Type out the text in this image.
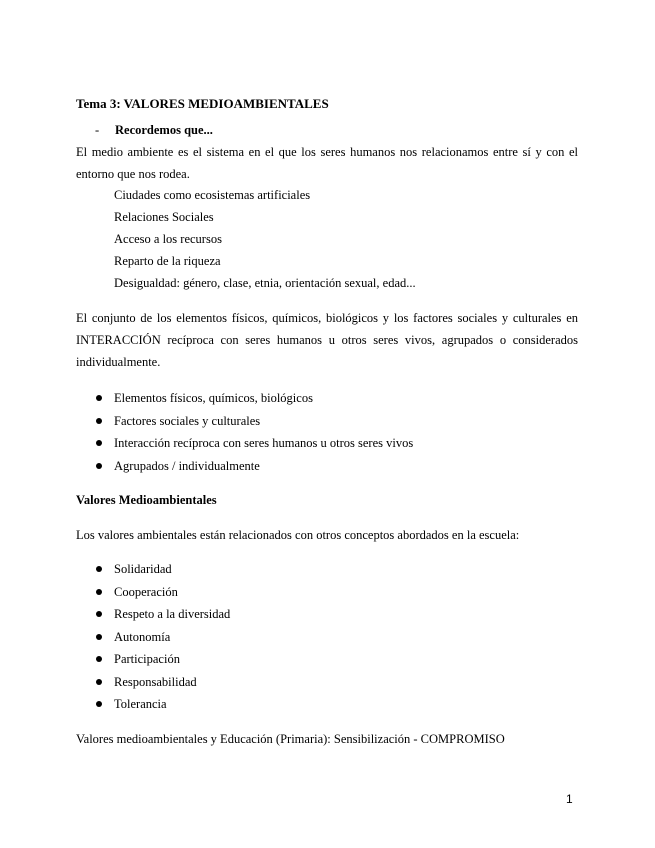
Tema 3: VALORES MEDIOAMBIENTALES

- Recordemos que...

El medio ambiente es el sistema en el que los seres humanos nos relacionamos entre sí y con el entorno que nos rodea.

Ciudades como ecosistemas artificiales
Relaciones Sociales
Acceso a los recursos
Reparto de la riqueza
Desigualdad: género, clase, etnia, orientación sexual, edad...

El conjunto de los elementos físicos, químicos, biológicos y los factores sociales y culturales en INTERACCIÓN recíproca con seres humanos u otros seres vivos, agrupados o considerados individualmente.

Elementos físicos, químicos, biológicos
Factores sociales y culturales
Interacción recíproca con seres humanos u otros seres vivos
Agrupados / individualmente

Valores Medioambientales

Los valores ambientales están relacionados con otros conceptos abordados en la escuela:

Solidaridad
Cooperación
Respeto a la diversidad
Autonomía
Participación
Responsabilidad
Tolerancia

Valores medioambientales y Educación (Primaria): Sensibilización - COMPROMISO

1
